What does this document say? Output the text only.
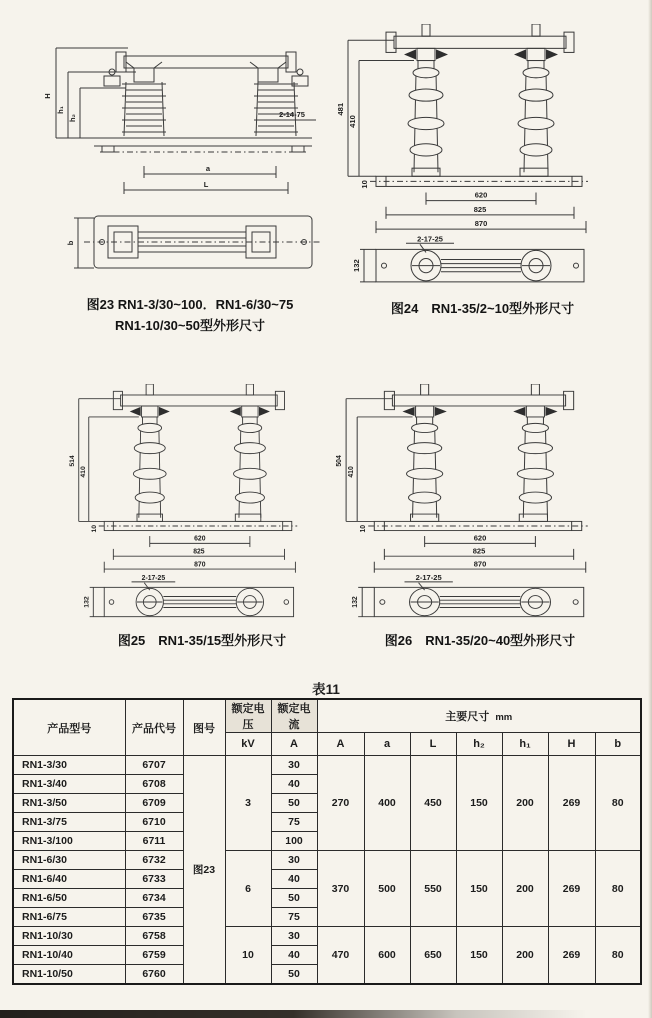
H
h₁
h₂	2-14-75
a
L
b
481
410
10
620
825
870
2-17-25
132
514
410
10
620
825
870
2-17-25
132
504
410
10
620
825
870
2-17-25
132
图23 RN1-3/30~100．RN1-6/30~75
RN1-10/30~50型外形尺寸
图24　RN1-35/2~10型外形尺寸
图25　RN1-35/15型外形尺寸	图26　RN1-35/20~40型外形尺寸
表11
产品型号	产品代号	图号	额定电压	额定电流	主要尺寸 mm						
			kV	A	A	a	L	h₂	h₁	H	b
RN1-3/30	6707	图23	3	30	270	400	450	150	200	269	80
RN1-3/40	6708			40							
RN1-3/50	6709			50							
RN1-3/75	6710			75							
RN1-3/100	6711			100							
RN1-6/30	6732		6	30	370	500	550	150	200	269	80
RN1-6/40	6733			40							
RN1-6/50	6734			50							
RN1-6/75	6735			75							
RN1-10/30	6758		10	30	470	600	650	150	200	269	80
RN1-10/40	6759			40							
RN1-10/50	6760			50							
